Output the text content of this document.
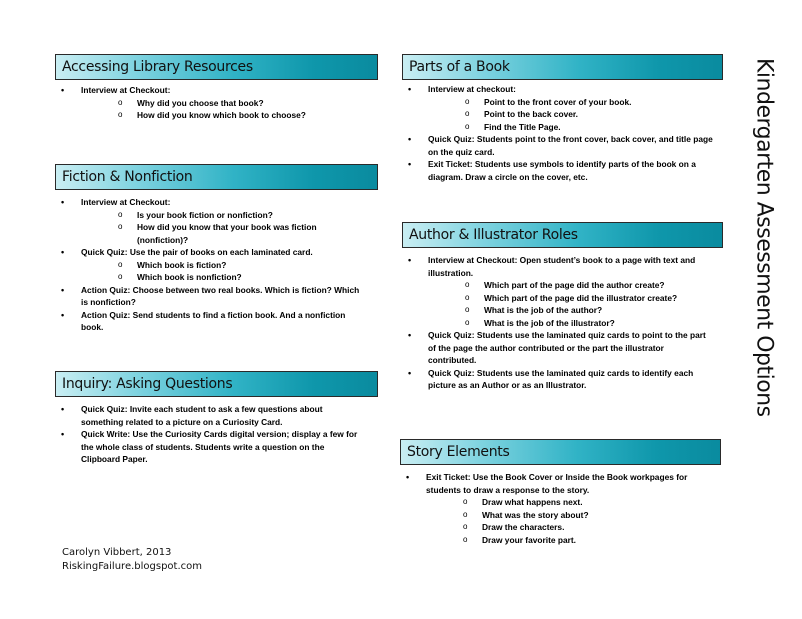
Accessing Library Resources
• Interview at Checkout:
o Why did you choose that book?
o How did you know which book to choose?
Fiction & Nonfiction
• Interview at Checkout:
o Is your book fiction or nonfiction?
o How did you know that your book was fiction (nonfiction)?
• Quick Quiz: Use the pair of books on each laminated card.
o Which book is fiction?
o Which book is nonfiction?
• Action Quiz: Choose between two real books. Which is fiction? Which is nonfiction?
• Action Quiz: Send students to find a fiction book. And a nonfiction book.
Inquiry: Asking Questions
• Quick Quiz: Invite each student to ask a few questions about something related to a picture on a Curiosity Card.
• Quick Write: Use the Curiosity Cards digital version; display a few for the whole class of students. Students write a question on the Clipboard Paper.
Parts of a Book
• Interview at checkout:
o Point to the front cover of your book.
o Point to the back cover.
o Find the Title Page.
• Quick Quiz: Students point to the front cover, back cover, and title page on the quiz card.
• Exit Ticket: Students use symbols to identify parts of the book on a diagram. Draw a circle on the cover, etc.
Author & Illustrator Roles
• Interview at Checkout: Open student’s book to a page with text and illustration.
o Which part of the page did the author create?
o Which part of the page did the illustrator create?
o What is the job of the author?
o What is the job of the illustrator?
• Quick Quiz: Students use the laminated quiz cards to point to the part of the page the author contributed or the part the illustrator contributed.
• Quick Quiz: Students use the laminated quiz cards to identify each picture as an Author or as an Illustrator.
Story Elements
• Exit Ticket: Use the Book Cover or Inside the Book workpages for students to draw a response to the story.
o Draw what happens next.
o What was the story about?
o Draw the characters.
o Draw your favorite part.
Kindergarten Assessment Options
Carolyn Vibbert, 2013
RiskingFailure.blogspot.com
